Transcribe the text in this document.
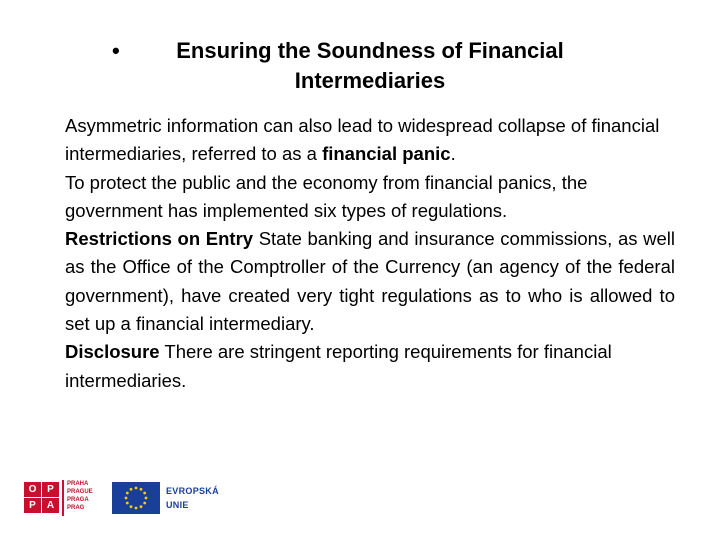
•	Ensuring the Soundness of Financial
Intermediaries

Asymmetric information can also lead to widespread collapse of financial intermediaries, referred to as a financial panic.

To protect the public and the economy from financial panics, the government has implemented six types of regulations.

Restrictions on Entry State banking and insurance commissions, as well as the Office of the Comptroller of the Currency (an agency of the federal government), have created very tight regulations as to who is allowed to set up a financial intermediary.

Disclosure There are stringent reporting requirements for financial intermediaries.

O	P
P	A
PRAHA
PRAGUE
PRAGA
PRAG
EVROPSKÁ
UNIE
